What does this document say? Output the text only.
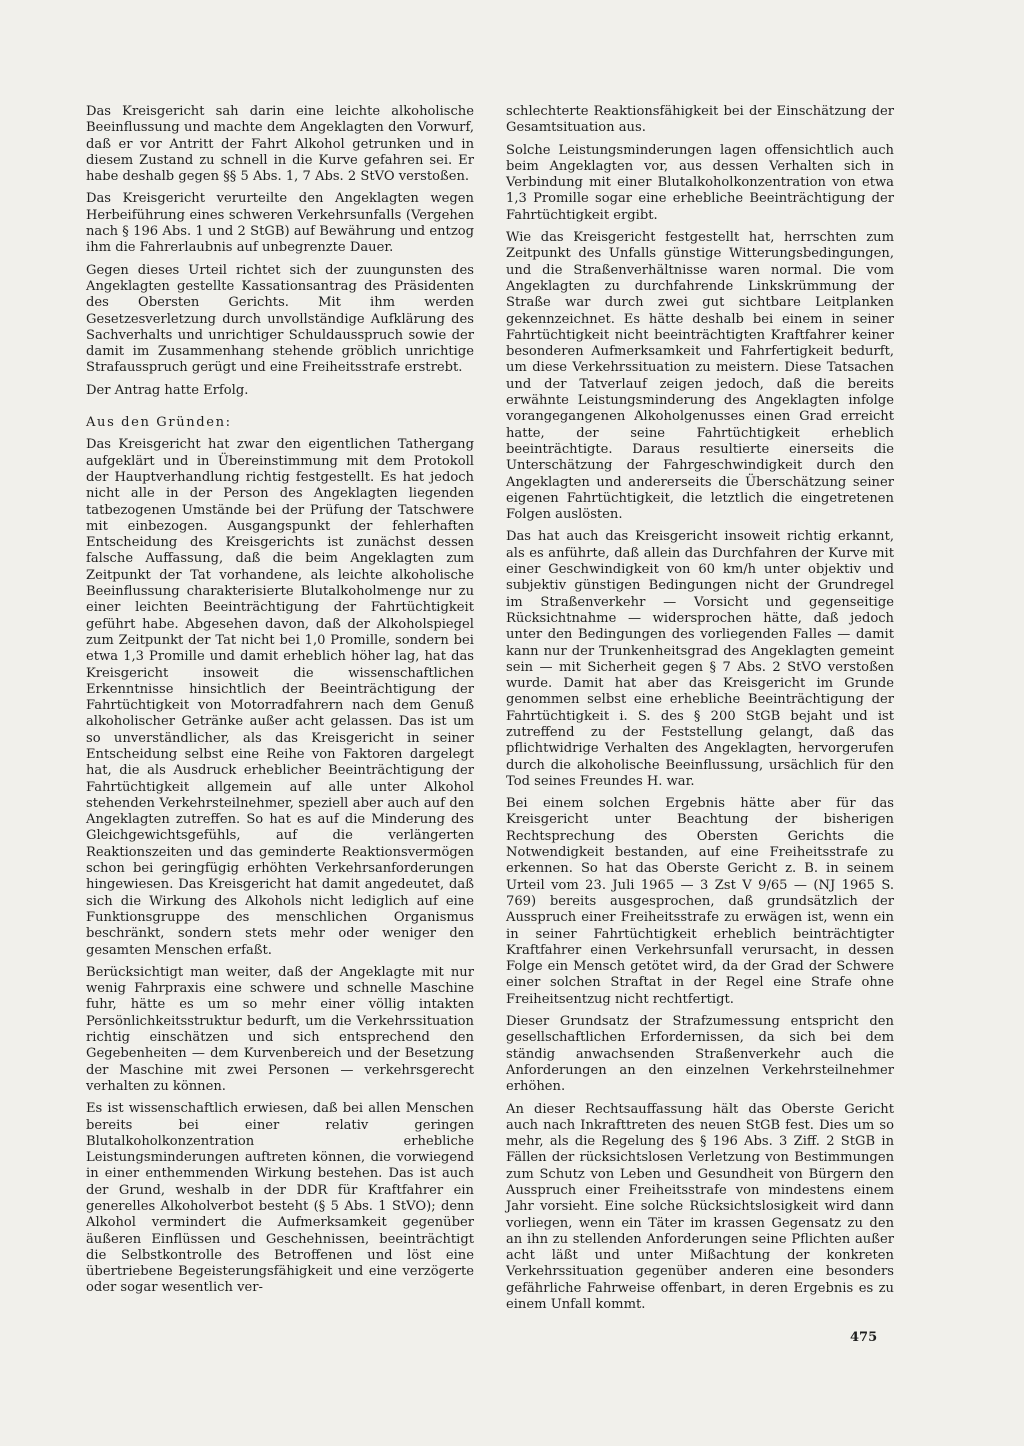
Das Kreisgericht sah darin eine leichte alkoholische Beeinflussung und machte dem Angeklagten den Vorwurf, daß er vor Antritt der Fahrt Alkohol getrunken und in diesem Zustand zu schnell in die Kurve gefahren sei. Er habe deshalb gegen §§ 5 Abs. 1, 7 Abs. 2 StVO verstoßen.

Das Kreisgericht verurteilte den Angeklagten wegen Herbeiführung eines schweren Verkehrsunfalls (Vergehen nach § 196 Abs. 1 und 2 StGB) auf Bewährung und entzog ihm die Fahrerlaubnis auf unbegrenzte Dauer.

Gegen dieses Urteil richtet sich der zuungunsten des Angeklagten gestellte Kassationsantrag des Präsidenten des Obersten Gerichts. Mit ihm werden Gesetzesverletzung durch unvollständige Aufklärung des Sachverhalts und unrichtiger Schuldausspruch sowie der damit im Zusammenhang stehende gröblich unrichtige Strafausspruch gerügt und eine Freiheitsstrafe erstrebt.

Der Antrag hatte Erfolg.

Aus den Gründen:

Das Kreisgericht hat zwar den eigentlichen Tathergang aufgeklärt und in Übereinstimmung mit dem Protokoll der Hauptverhandlung richtig festgestellt. Es hat jedoch nicht alle in der Person des Angeklagten liegenden tatbezogenen Umstände bei der Prüfung der Tatschwere mit einbezogen. Ausgangspunkt der fehlerhaften Entscheidung des Kreisgerichts ist zunächst dessen falsche Auffassung, daß die beim Angeklagten zum Zeitpunkt der Tat vorhandene, als leichte alkoholische Beeinflussung charakterisierte Blutalkoholmenge nur zu einer leichten Beeinträchtigung der Fahrtüchtigkeit geführt habe. Abgesehen davon, daß der Alkoholspiegel zum Zeitpunkt der Tat nicht bei 1,0 Promille, sondern bei etwa 1,3 Promille und damit erheblich höher lag, hat das Kreisgericht insoweit die wissenschaftlichen Erkenntnisse hinsichtlich der Beeinträchtigung der Fahrtüchtigkeit von Motorradfahrern nach dem Genuß alkoholischer Getränke außer acht gelassen. Das ist um so unverständlicher, als das Kreisgericht in seiner Entscheidung selbst eine Reihe von Faktoren dargelegt hat, die als Ausdruck erheblicher Beeinträchtigung der Fahrtüchtigkeit allgemein auf alle unter Alkohol stehenden Verkehrsteilnehmer, speziell aber auch auf den Angeklagten zutreffen. So hat es auf die Minderung des Gleichgewichtsgefühls, auf die verlängerten Reaktionszeiten und das geminderte Reaktionsvermögen schon bei geringfügig erhöhten Verkehrsanforderungen hingewiesen. Das Kreisgericht hat damit angedeutet, daß sich die Wirkung des Alkohols nicht lediglich auf eine Funktionsgruppe des menschlichen Organismus beschränkt, sondern stets mehr oder weniger den gesamten Menschen erfaßt.

Berücksichtigt man weiter, daß der Angeklagte mit nur wenig Fahrpraxis eine schwere und schnelle Maschine fuhr, hätte es um so mehr einer völlig intakten Persönlichkeitsstruktur bedurft, um die Verkehrssituation richtig einschätzen und sich entsprechend den Gegebenheiten — dem Kurvenbereich und der Besetzung der Maschine mit zwei Personen — verkehrsgerecht verhalten zu können.

Es ist wissenschaftlich erwiesen, daß bei allen Menschen bereits bei einer relativ geringen Blutalkoholkonzentration erhebliche Leistungsminderungen auftreten können, die vorwiegend in einer enthemmenden Wirkung bestehen. Das ist auch der Grund, weshalb in der DDR für Kraftfahrer ein generelles Alkoholverbot besteht (§ 5 Abs. 1 StVO); denn Alkohol vermindert die Aufmerksamkeit gegenüber äußeren Einflüssen und Geschehnissen, beeinträchtigt die Selbstkontrolle des Betroffenen und löst eine übertriebene Begeisterungsfähigkeit und eine verzögerte oder sogar wesentlich ver-

schlechterte Reaktionsfähigkeit bei der Einschätzung der Gesamtsituation aus.

Solche Leistungsminderungen lagen offensichtlich auch beim Angeklagten vor, aus dessen Verhalten sich in Verbindung mit einer Blutalkoholkonzentration von etwa 1,3 Promille sogar eine erhebliche Beeinträchtigung der Fahrtüchtigkeit ergibt.

Wie das Kreisgericht festgestellt hat, herrschten zum Zeitpunkt des Unfalls günstige Witterungsbedingungen, und die Straßenverhältnisse waren normal. Die vom Angeklagten zu durchfahrende Linkskrümmung der Straße war durch zwei gut sichtbare Leitplanken gekennzeichnet. Es hätte deshalb bei einem in seiner Fahrtüchtigkeit nicht beeinträchtigten Kraftfahrer keiner besonderen Aufmerksamkeit und Fahrfertigkeit bedurft, um diese Verkehrssituation zu meistern. Diese Tatsachen und der Tatverlauf zeigen jedoch, daß die bereits erwähnte Leistungsminderung des Angeklagten infolge vorangegangenen Alkoholgenusses einen Grad erreicht hatte, der seine Fahrtüchtigkeit erheblich beeinträchtigte. Daraus resultierte einerseits die Unterschätzung der Fahrgeschwindigkeit durch den Angeklagten und andererseits die Überschätzung seiner eigenen Fahrtüchtigkeit, die letztlich die eingetretenen Folgen auslösten.

Das hat auch das Kreisgericht insoweit richtig erkannt, als es anführte, daß allein das Durchfahren der Kurve mit einer Geschwindigkeit von 60 km/h unter objektiv und subjektiv günstigen Bedingungen nicht der Grundregel im Straßenverkehr — Vorsicht und gegenseitige Rücksichtnahme — widersprochen hätte, daß jedoch unter den Bedingungen des vorliegenden Falles — damit kann nur der Trunkenheitsgrad des Angeklagten gemeint sein — mit Sicherheit gegen § 7 Abs. 2 StVO verstoßen wurde. Damit hat aber das Kreisgericht im Grunde genommen selbst eine erhebliche Beeinträchtigung der Fahrtüchtigkeit i. S. des § 200 StGB bejaht und ist zutreffend zu der Feststellung gelangt, daß das pflichtwidrige Verhalten des Angeklagten, hervorgerufen durch die alkoholische Beeinflussung, ursächlich für den Tod seines Freundes H. war.

Bei einem solchen Ergebnis hätte aber für das Kreisgericht unter Beachtung der bisherigen Rechtsprechung des Obersten Gerichts die Notwendigkeit bestanden, auf eine Freiheitsstrafe zu erkennen. So hat das Oberste Gericht z. B. in seinem Urteil vom 23. Juli 1965 — 3 Zst V 9/65 — (NJ 1965 S. 769) bereits ausgesprochen, daß grundsätzlich der Ausspruch einer Freiheitsstrafe zu erwägen ist, wenn ein in seiner Fahrtüchtigkeit erheblich beinträchtigter Kraftfahrer einen Verkehrsunfall verursacht, in dessen Folge ein Mensch getötet wird, da der Grad der Schwere einer solchen Straftat in der Regel eine Strafe ohne Freiheitsentzug nicht rechtfertigt.

Dieser Grundsatz der Strafzumessung entspricht den gesellschaftlichen Erfordernissen, da sich bei dem ständig anwachsenden Straßenverkehr auch die Anforderungen an den einzelnen Verkehrsteilnehmer erhöhen.

An dieser Rechtsauffassung hält das Oberste Gericht auch nach Inkrafttreten des neuen StGB fest. Dies um so mehr, als die Regelung des § 196 Abs. 3 Ziff. 2 StGB in Fällen der rücksichtslosen Verletzung von Bestimmungen zum Schutz von Leben und Gesundheit von Bürgern den Ausspruch einer Freiheitsstrafe von mindestens einem Jahr vorsieht. Eine solche Rücksichtslosigkeit wird dann vorliegen, wenn ein Täter im krassen Gegensatz zu den an ihn zu stellenden Anforderungen seine Pflichten außer acht läßt und unter Mißachtung der konkreten Verkehrssituation gegenüber anderen eine besonders gefährliche Fahrweise offenbart, in deren Ergebnis es zu einem Unfall kommt.

475
